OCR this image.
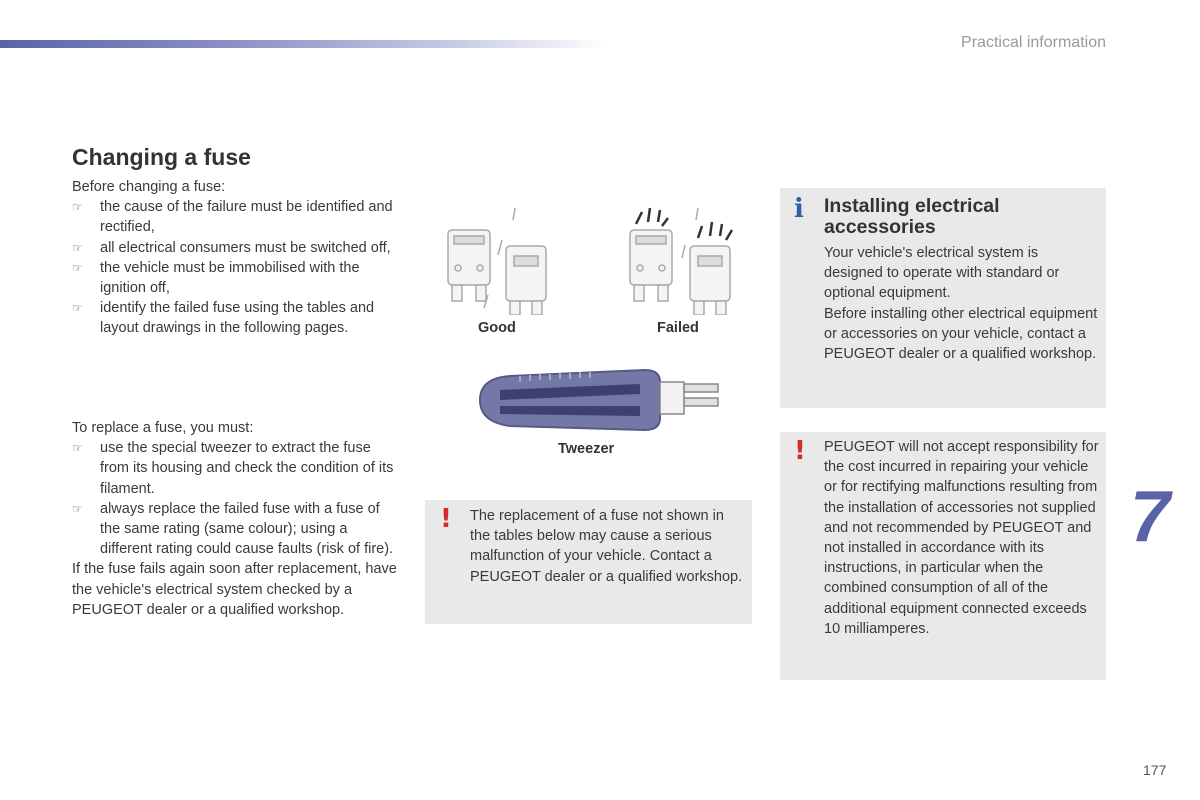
Practical information
Changing a fuse
Before changing a fuse:
☞ the cause of the failure must be identified and rectified,
☞ all electrical consumers must be switched off,
☞ the vehicle must be immobilised with the ignition off,
☞ identify the failed fuse using the tables and layout drawings in the following pages.
To replace a fuse, you must:
☞ use the special tweezer to extract the fuse from its housing and check the condition of its filament.
☞ always replace the failed fuse with a fuse of the same rating (same colour); using a different rating could cause faults (risk of fire).
If the fuse fails again soon after replacement, have the vehicle's electrical system checked by a PEUGEOT dealer or a qualified workshop.
Good	Failed
Tweezer
! The replacement of a fuse not shown in the tables below may cause a serious malfunction of your vehicle. Contact a PEUGEOT dealer or a qualified workshop.
i Installing electrical accessories
Your vehicle's electrical system is designed to operate with standard or optional equipment.
Before installing other electrical equipment or accessories on your vehicle, contact a PEUGEOT dealer or a qualified workshop.
! PEUGEOT will not accept responsibility for the cost incurred in repairing your vehicle or for rectifying malfunctions resulting from the installation of accessories not supplied and not recommended by PEUGEOT and not installed in accordance with its instructions, in particular when the combined consumption of all of the additional equipment connected exceeds 10 milliamperes.
7
177
